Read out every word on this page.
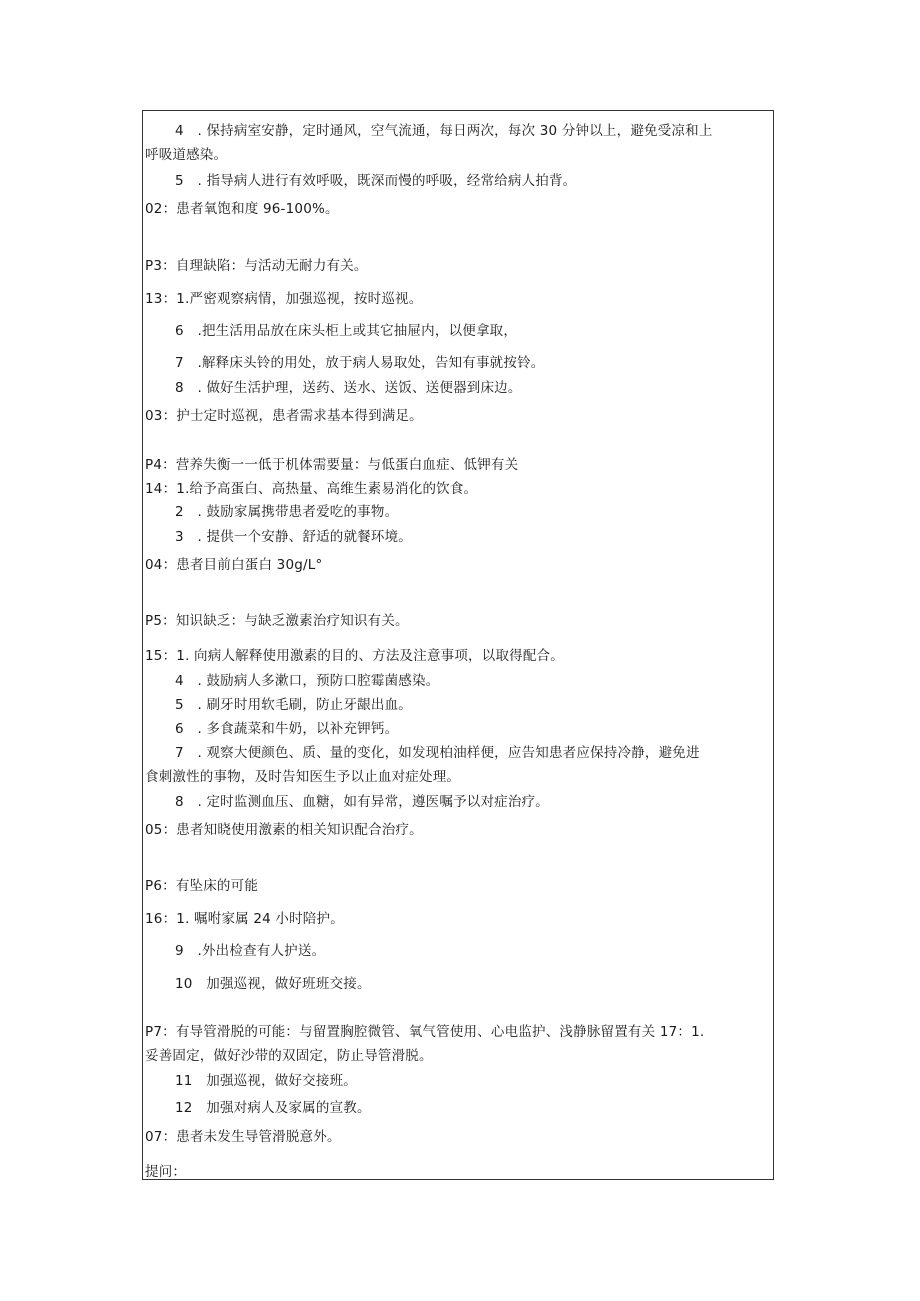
4　. 保持病室安静，定时通风，空气流通，每日两次，每次 30 分钟以上，避免受凉和上
呼吸道感染。
5　. 指导病人进行有效呼吸，既深而慢的呼吸，经常给病人拍背。
02：患者氧饱和度 96-100%。
P3：自理缺陷：与活动无耐力有关。
13：1.严密观察病情，加强巡视，按时巡视。
6　.把生活用品放在床头柜上或其它抽屉内，以便拿取，
7　.解释床头铃的用处，放于病人易取处，告知有事就按铃。
8　. 做好生活护理，送药、送水、送饭、送便器到床边。
03：护士定时巡视，患者需求基本得到满足。
P4：营养失衡一一低于机体需要量：与低蛋白血症、低钾有关
14：1.给予高蛋白、高热量、高维生素易消化的饮食。
2　. 鼓励家属携带患者爱吃的事物。
3　. 提供一个安静、舒适的就餐环境。
04：患者目前白蛋白 30g∕L°
P5：知识缺乏：与缺乏激素治疗知识有关。
15：1. 向病人解释使用激素的目的、方法及注意事项，以取得配合。
4　. 鼓励病人多漱口，预防口腔霉菌感染。
5　. 刷牙时用软毛刷，防止牙龈出血。
6　. 多食蔬菜和牛奶，以补充钾钙。
7　. 观察大便颜色、质、量的变化，如发现柏油样便，应告知患者应保持冷静，避免进
食刺激性的事物，及时告知医生予以止血对症处理。
8　. 定时监测血压、血糖，如有异常，遵医嘱予以对症治疗。
05：患者知晓使用激素的相关知识配合治疗。
P6：有坠床的可能
16：1. 嘱咐家属 24 小时陪护。
9　.外出检查有人护送。
10　加强巡视，做好班班交接。
P7：有导管滑脱的可能：与留置胸腔微管、氧气管使用、心电监护、浅静脉留置有关 17：1.
妥善固定，做好沙带的双固定，防止导管滑脱。
11　加强巡视，做好交接班。
12　加强对病人及家属的宣教。
07：患者未发生导管滑脱意外。
提问：
